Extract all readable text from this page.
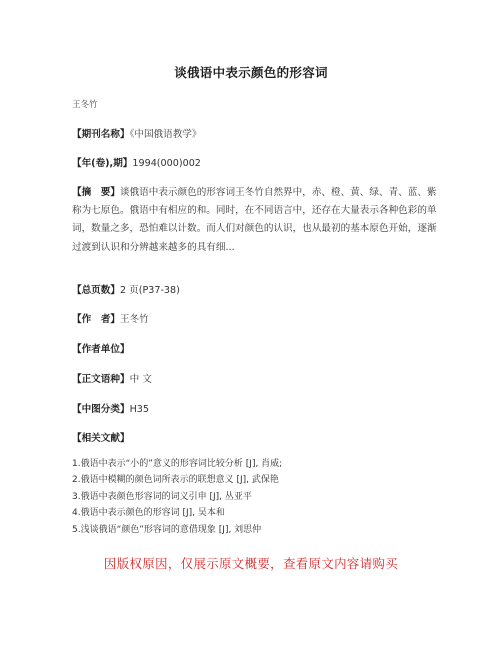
谈俄语中表示颜色的形容词
王冬竹
【期刊名称】《中国俄语教学》
【年(卷),期】1994(000)002
【摘　要】谈俄语中表示颜色的形容词王冬竹自然界中，赤、橙、黄、绿、青、蓝、紫称为七原色。俄语中有相应的和。同时，在不同语言中，还存在大量表示各种色彩的单词，数量之多，恐怕难以计数。而人们对颜色的认识，也从最初的基本原色开始，逐渐过渡到认识和分辨越来越多的具有细...
【总页数】2 页(P37-38)
【作　者】王冬竹
【作者单位】
【正文语种】中 文
【中图分类】H35
【相关文献】
1.俄语中表示“小的”意义的形容词比较分析 [J], 肖威;
2.俄语中模糊的颜色词所表示的联想意义 [J], 武保艳
3.俄语中表颜色形容词的词义引申 [J], 丛亚平
4.俄语中表示颜色的形容词 [J], 吴本和
5.浅谈俄语“颜色”形容词的意借现象 [J], 刘思仲
因版权原因，仅展示原文概要，查看原文内容请购买
